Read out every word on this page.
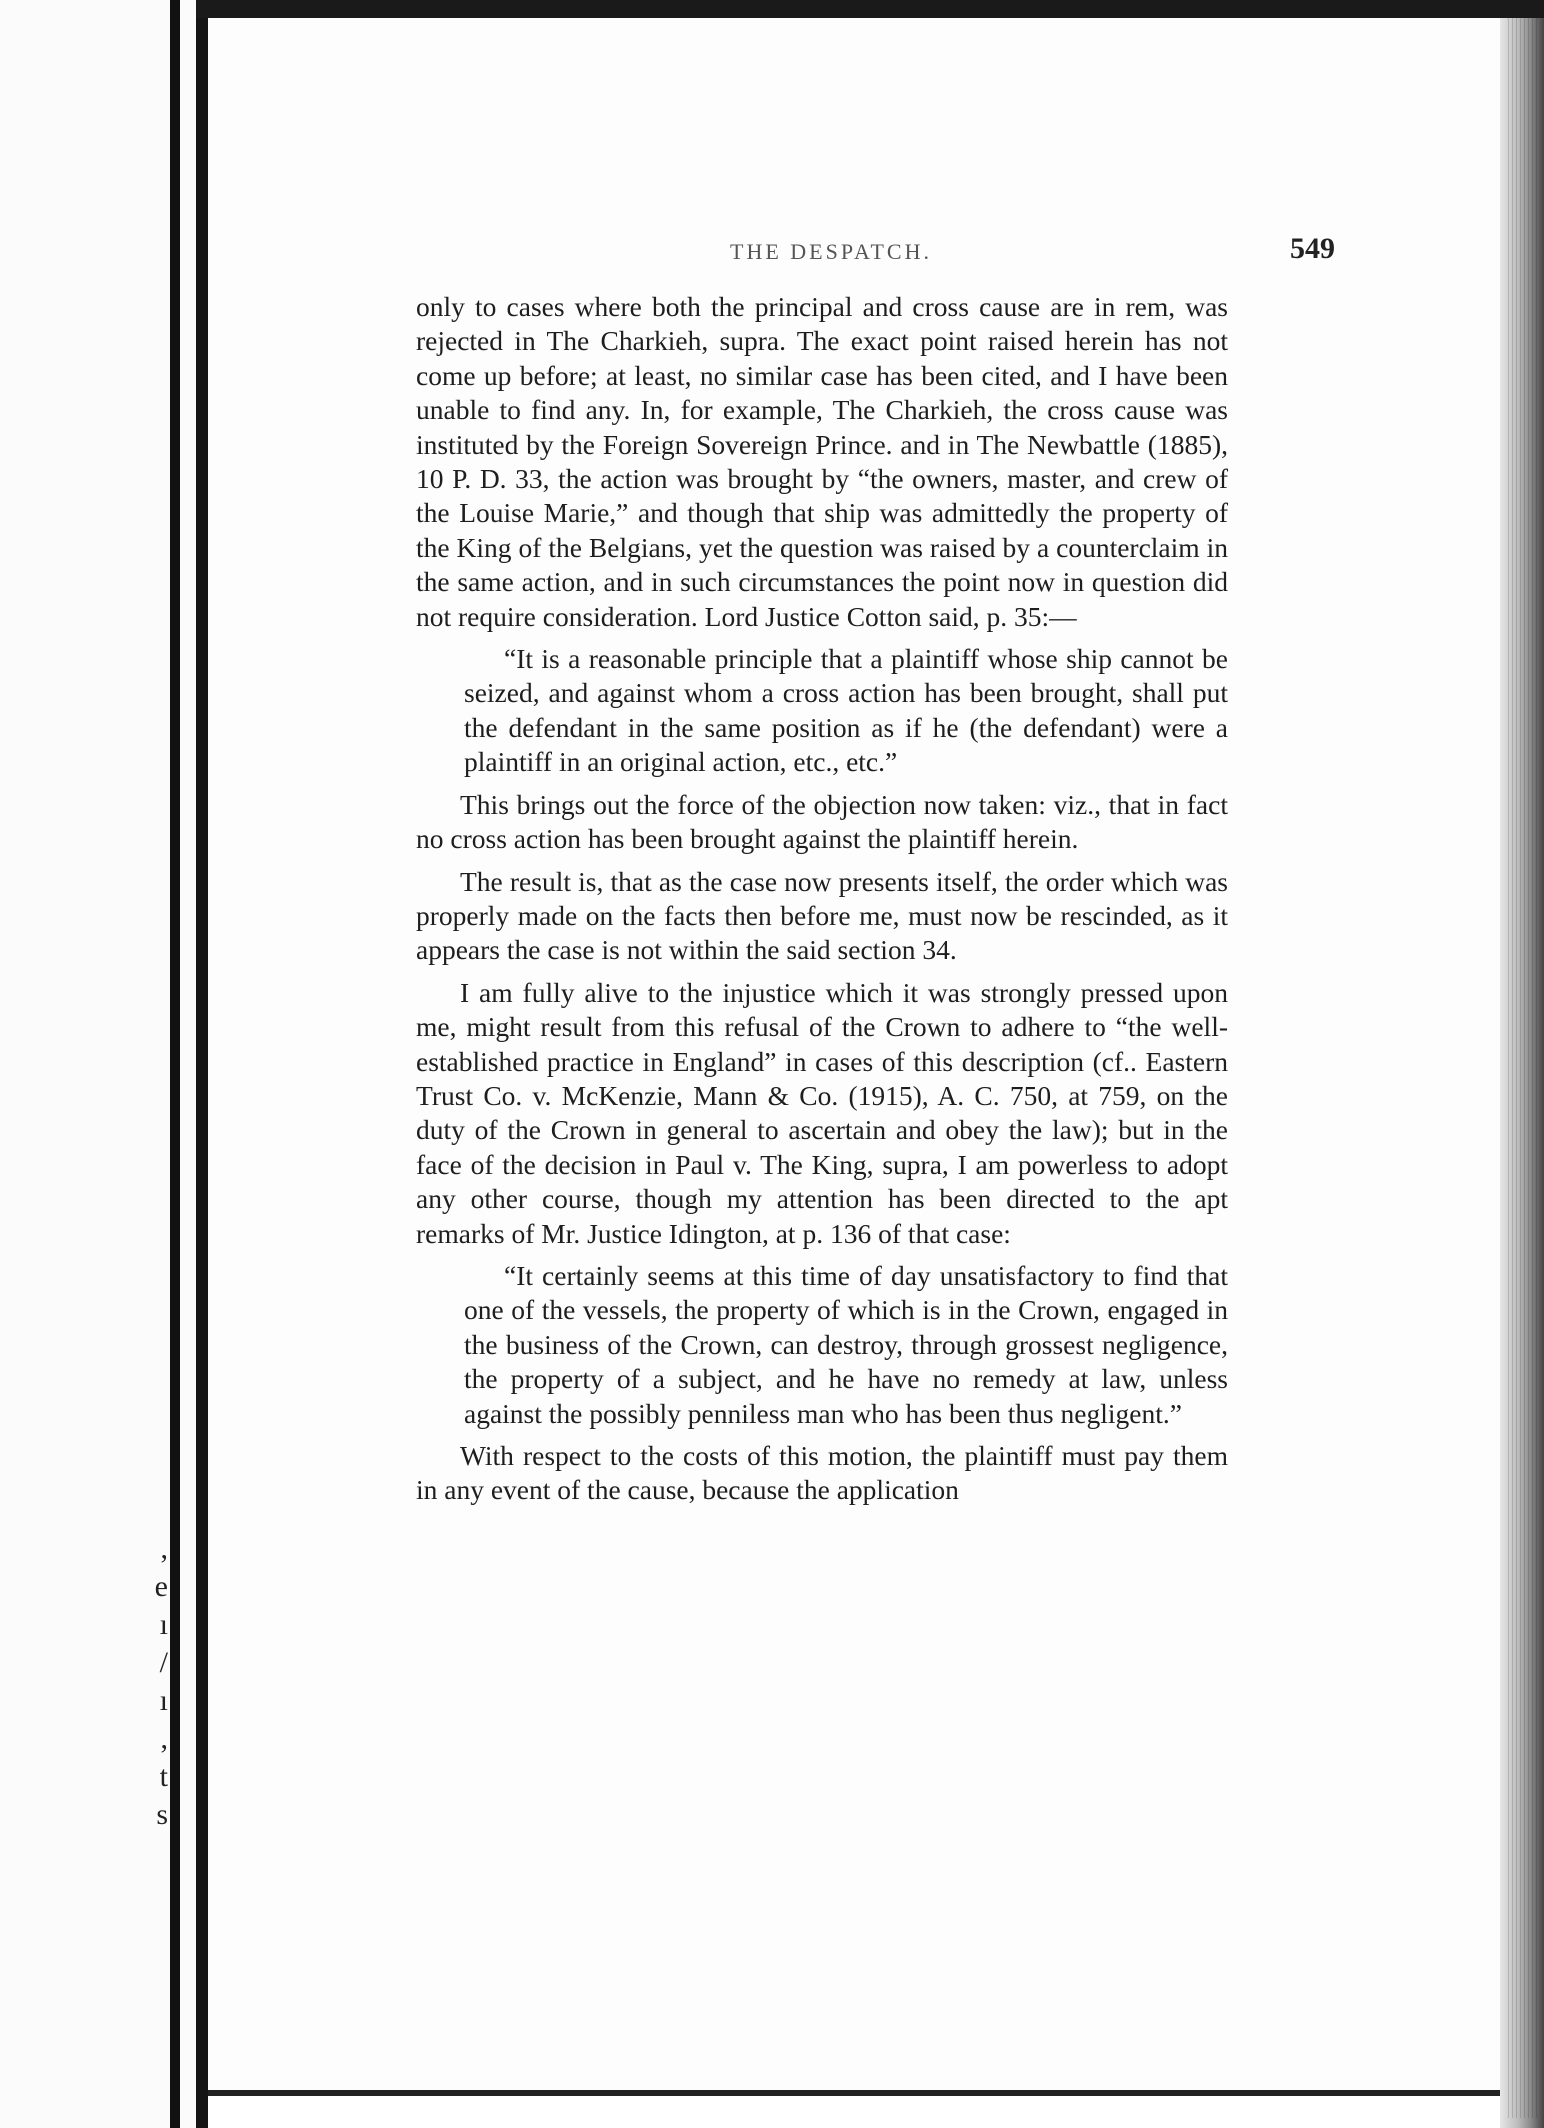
,
e
ı
/
ı
,
t
s
THE DESPATCH.	549

only to cases where both the principal and cross cause are in rem, was rejected in The Charkieh, supra. The exact point raised herein has not come up before; at least, no similar case has been cited, and I have been unable to find any. In, for example, The Charkieh, the cross cause was instituted by the Foreign Sovereign Prince. and in The Newbattle (1885), 10 P. D. 33, the action was brought by “the owners, master, and crew of the Louise Marie,” and though that ship was admittedly the property of the King of the Belgians, yet the question was raised by a counterclaim in the same action, and in such circumstances the point now in question did not require consideration. Lord Justice Cotton said, p. 35:—

“It is a reasonable principle that a plaintiff whose ship cannot be seized, and against whom a cross action has been brought, shall put the defendant in the same position as if he (the defendant) were a plaintiff in an original action, etc., etc.”

This brings out the force of the objection now taken: viz., that in fact no cross action has been brought against the plaintiff herein.

The result is, that as the case now presents itself, the order which was properly made on the facts then before me, must now be rescinded, as it appears the case is not within the said section 34.

I am fully alive to the injustice which it was strongly pressed upon me, might result from this refusal of the Crown to adhere to “the well-established practice in England” in cases of this description (cf.. Eastern Trust Co. v. McKenzie, Mann & Co. (1915), A. C. 750, at 759, on the duty of the Crown in general to ascertain and obey the law); but in the face of the decision in Paul v. The King, supra, I am powerless to adopt any other course, though my attention has been directed to the apt remarks of Mr. Justice Idington, at p. 136 of that case:

“It certainly seems at this time of day unsatisfactory to find that one of the vessels, the property of which is in the Crown, engaged in the business of the Crown, can destroy, through grossest negligence, the property of a subject, and he have no remedy at law, unless against the possibly penniless man who has been thus negligent.”

With respect to the costs of this motion, the plaintiff must pay them in any event of the cause, because the application
